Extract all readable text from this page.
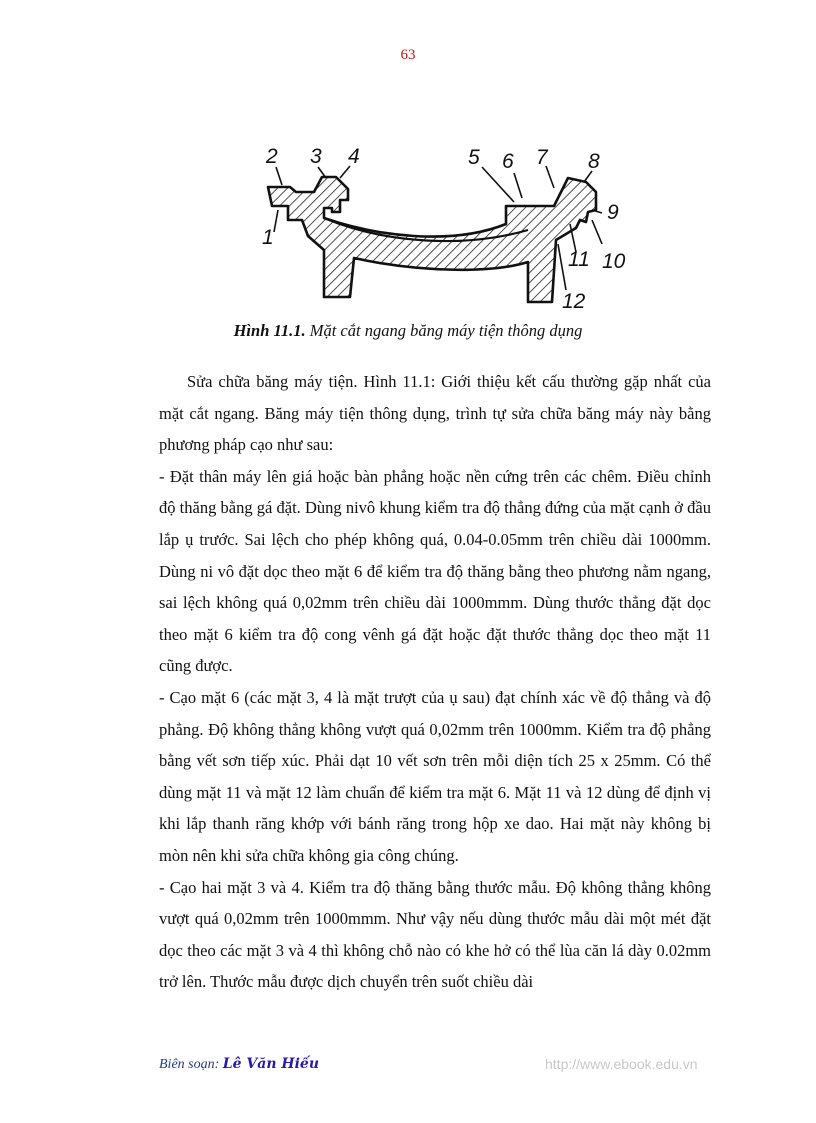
63
1
2 3 4	5 6 7 8
9
10
11
12
Hình 11.1. Mặt cắt ngang băng máy tiện thông dụng

Sửa chữa băng máy tiện. Hình 11.1: Giới thiệu kết cấu thường gặp nhất của mặt cắt ngang. Băng máy tiện thông dụng, trình tự sửa chữa băng máy này bằng phương pháp cạo như sau:

- Đặt thân máy lên giá hoặc bàn phẳng hoặc nền cứng trên các chêm. Điều chỉnh độ thăng bằng gá đặt. Dùng nivô khung kiểm tra độ thẳng đứng của mặt cạnh ở đầu lắp ụ trước. Sai lệch cho phép không quá, 0.04-0.05mm trên chiều dài 1000mm. Dùng ni vô đặt dọc theo mặt 6 để kiểm tra độ thăng bằng theo phương nằm ngang, sai lệch không quá 0,02mm trên chiều dài 1000mmm. Dùng thước thẳng đặt dọc theo mặt 6 kiểm tra độ cong vênh gá đặt hoặc đặt thước thẳng dọc theo mặt 11 cũng được.

- Cạo mặt 6 (các mặt 3, 4 là mặt trượt của ụ sau) đạt chính xác về độ thẳng và độ phẳng. Độ không thẳng không vượt quá 0,02mm trên 1000mm. Kiểm tra độ phẳng bằng vết sơn tiếp xúc. Phải dạt 10 vết sơn trên mỗi diện tích 25 x 25mm. Có thể dùng mặt 11 và mặt 12 làm chuẩn để kiểm tra mặt 6. Mặt 11 và 12 dùng để định vị khi lắp thanh răng khớp với bánh răng trong hộp xe dao. Hai mặt này không bị mòn nên khi sửa chữa không gia công chúng.

- Cạo hai mặt 3 và 4. Kiểm tra độ thăng bằng thước mẫu. Độ không thẳng không vượt quá 0,02mm trên 1000mmm. Như vậy nếu dùng thước mẫu dài một mét đặt dọc theo các mặt 3 và 4 thì không chỗ nào có khe hở có thể lùa căn lá dày 0.02mm trở lên. Thước mẫu được dịch chuyển trên suốt chiều dài

Biên soạn: Lê Văn Hiếu	http://www.ebook.edu.vn
